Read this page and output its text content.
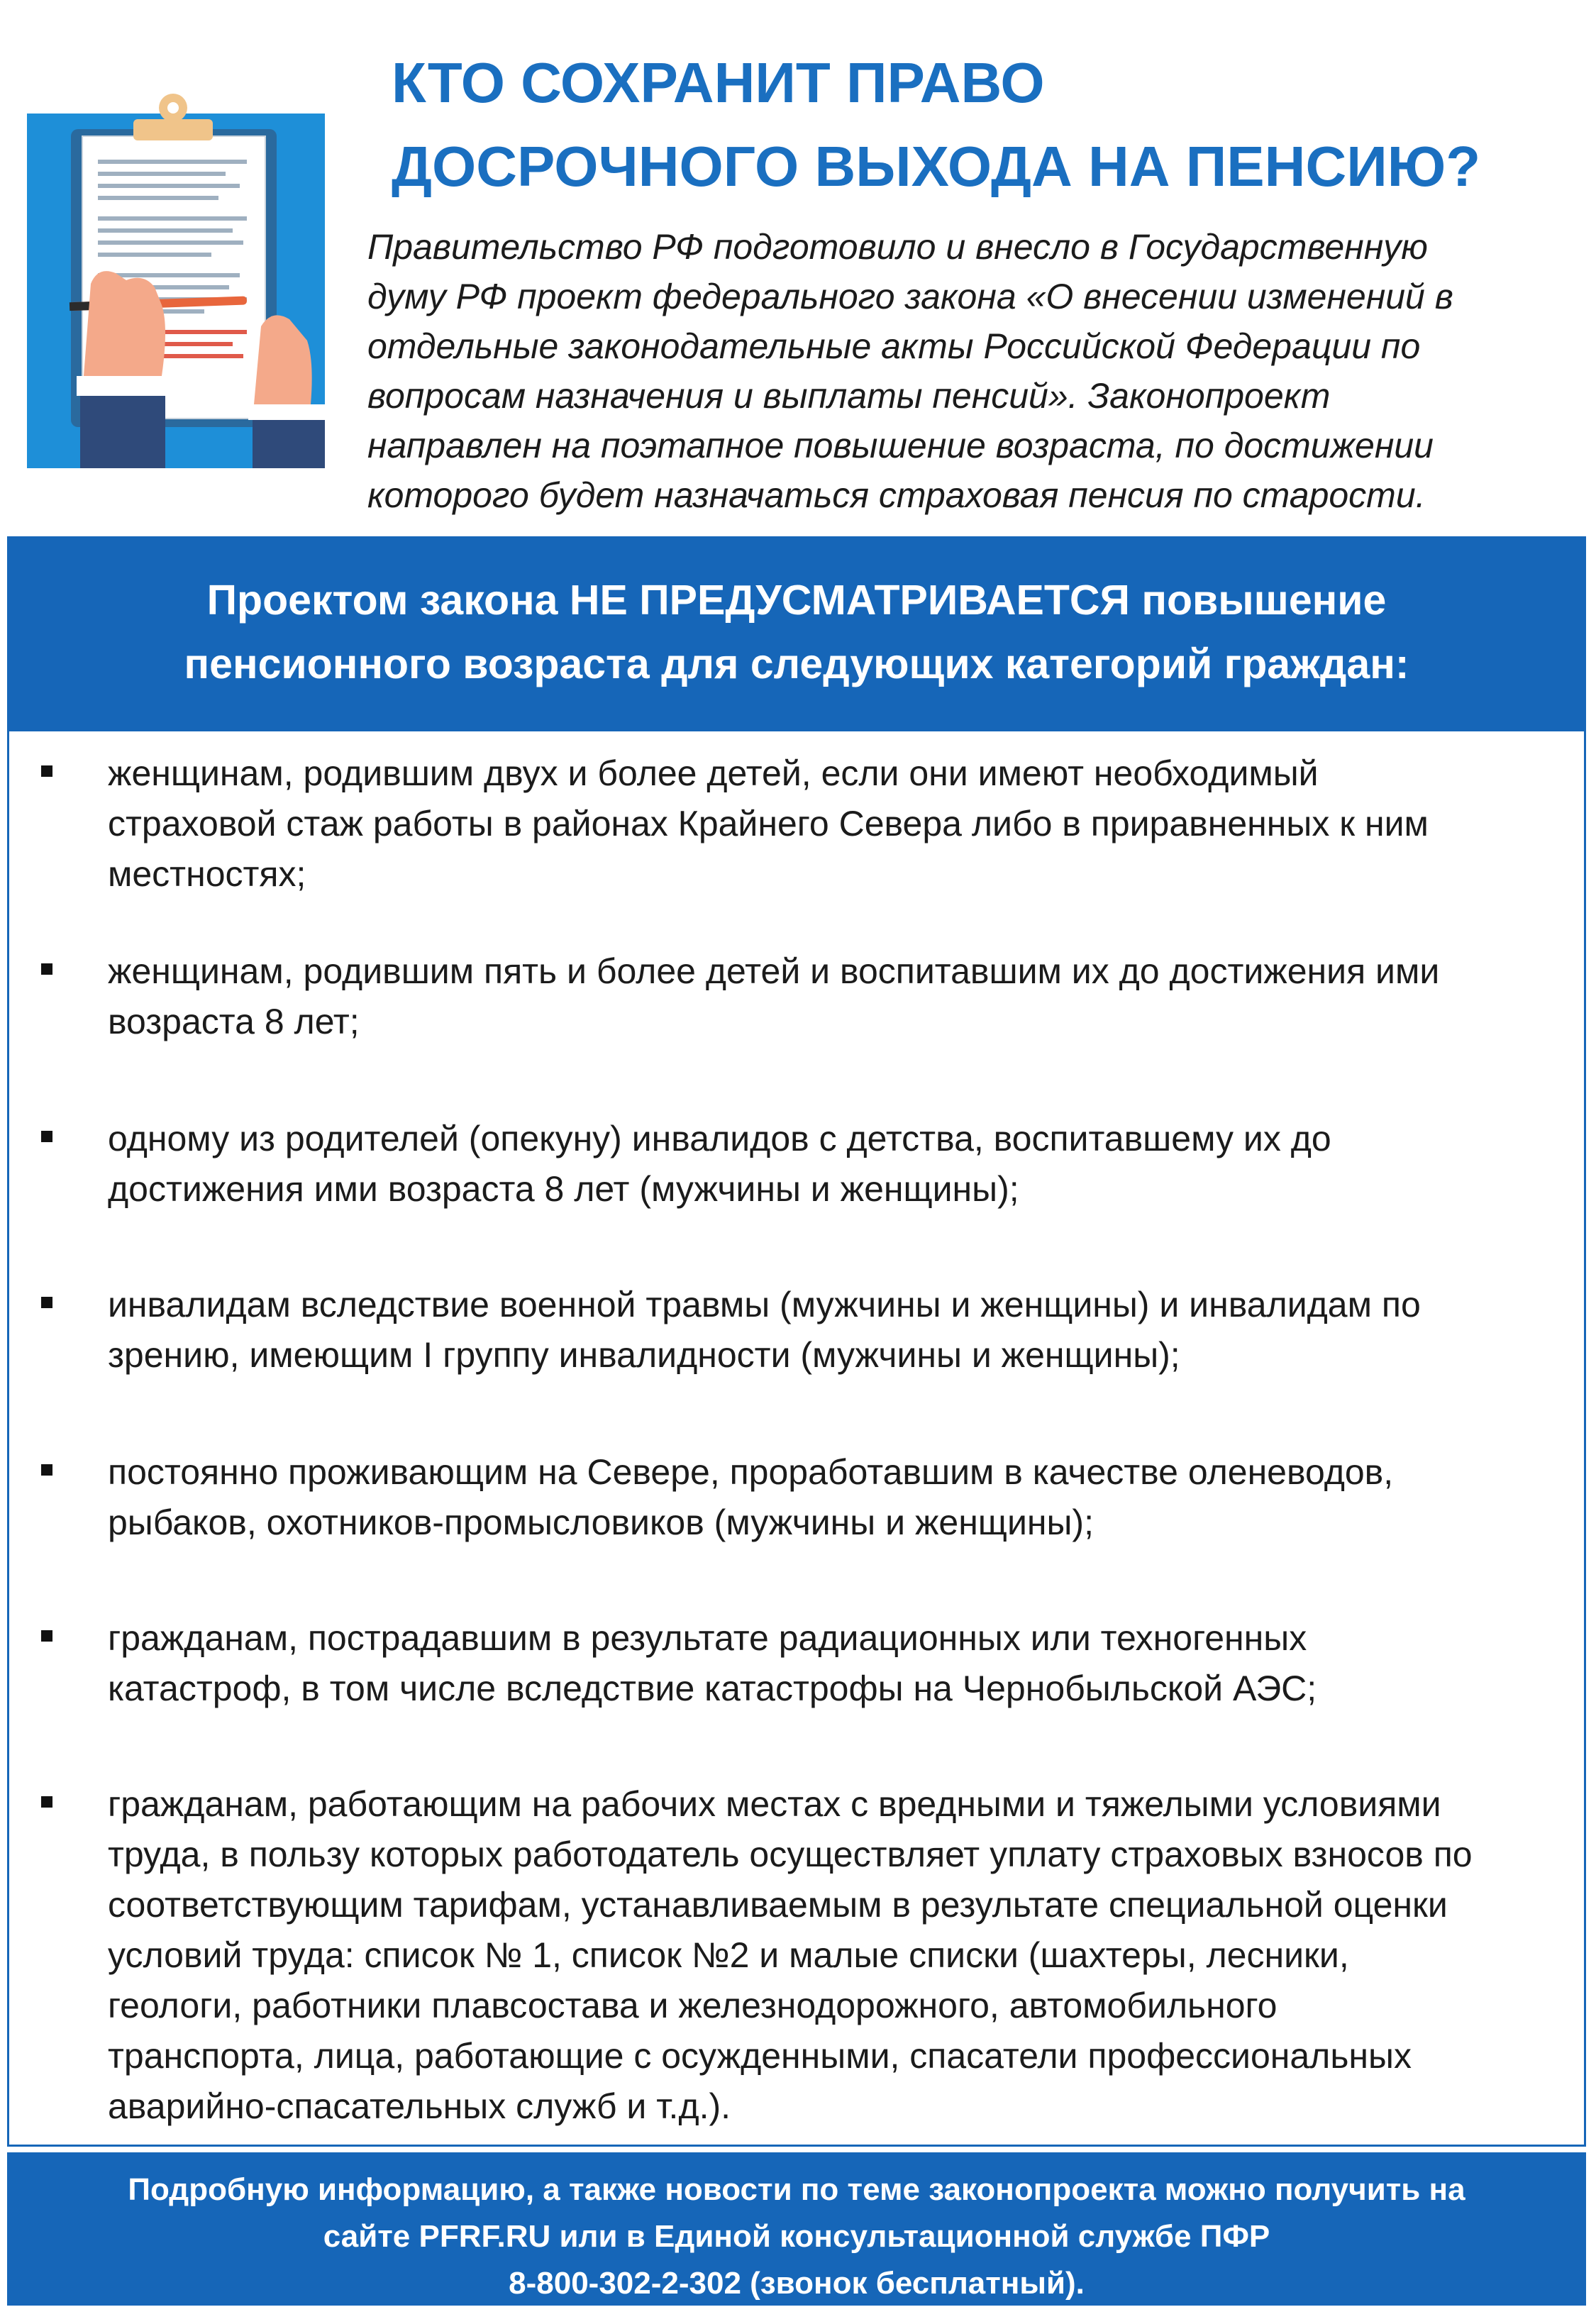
КТО СОХРАНИТ ПРАВО
ДОСРОЧНОГО ВЫХОДА НА ПЕНСИЮ?

Правительство РФ подготовило и внесло в Государственную
думу РФ проект федерального закона «О внесении изменений в
отдельные законодательные акты Российской Федерации по
вопросам назначения и выплаты пенсий». Законопроект
направлен на поэтапное повышение возраста, по достижении
которого будет назначаться страховая пенсия по старости.

Проектом закона НЕ ПРЕДУСМАТРИВАЕТСЯ повышение
пенсионного возраста для следующих категорий граждан:
женщинам, родившим двух и более детей, если они имеют необходимый
страховой стаж работы в районах Крайнего Севера либо в приравненных к ним
местностях;
женщинам, родившим пять и более детей и воспитавшим их до достижения ими
возраста 8 лет;
одному из родителей (опекуну) инвалидов с детства, воспитавшему их до
достижения ими возраста 8 лет (мужчины и женщины);
инвалидам вследствие военной травмы (мужчины и женщины) и инвалидам по
зрению, имеющим I группу инвалидности (мужчины и женщины);
постоянно проживающим на Севере, проработавшим в качестве оленеводов,
рыбаков, охотников-промысловиков (мужчины и женщины);
гражданам, пострадавшим в результате радиационных или техногенных
катастроф, в том числе вследствие катастрофы на Чернобыльской АЭС;
гражданам, работающим на рабочих местах с вредными и тяжелыми условиями
труда, в пользу которых работодатель осуществляет уплату страховых взносов по
соответствующим тарифам, устанавливаемым в результате специальной оценки
условий труда: список № 1, список №2 и малые списки (шахтеры, лесники,
геологи, работники плавсостава и железнодорожного, автомобильного
транспорта, лица, работающие с осужденными, спасатели профессиональных
аварийно-спасательных служб и т.д.).
Подробную информацию, а также новости по теме законопроекта можно получить на
сайте PFRF.RU или в Единой консультационной службе ПФР
8-800-302-2-302 (звонок бесплатный).
